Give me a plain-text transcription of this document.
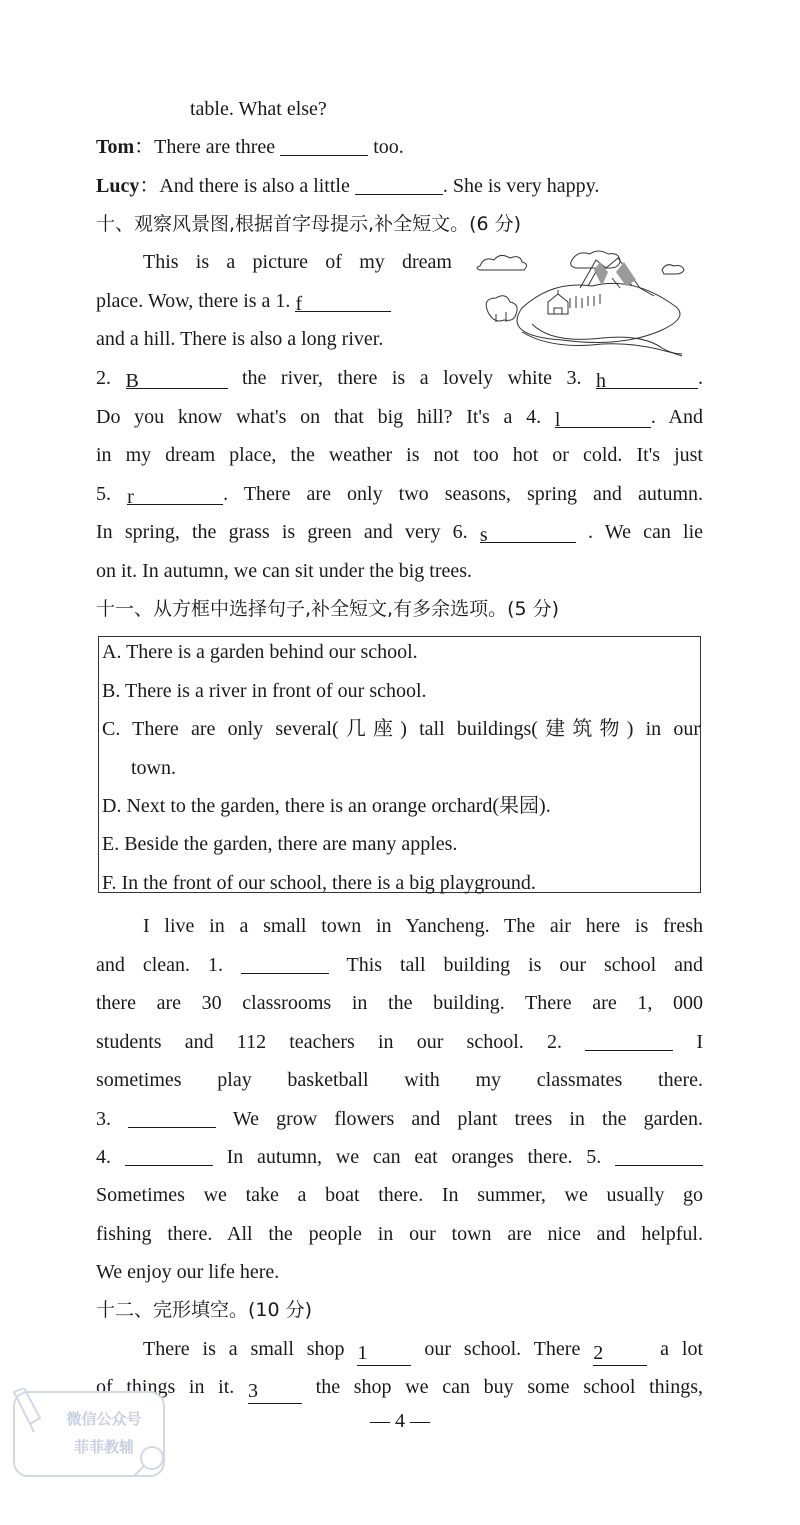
table. What else?
Tom：There are three	too.
Lucy：And there is also a little	. She is very happy.
十、观察风景图,根据首字母提示,补全短文。(6 分)
This is a picture of my dream
place. Wow, there is a 1. f
and a hill. There is also a long river.
2. B	the river, there is a lovely white 3. h	.
Do you know what's on that big hill? It's a 4. l	. And
in my dream place, the weather is not too hot or cold. It's just
5. r	. There are only two seasons, spring and autumn.
In spring, the grass is green and very 6. s	. We can lie
on it. In autumn, we can sit under the big trees.
十一、从方框中选择句子,补全短文,有多余选项。(5 分)
A. There is a garden behind our school.
B. There is a river in front of our school.
C. There are only several(几座) tall buildings(建筑物) in our
town.
D. Next to the garden, there is an orange orchard(果园).
E. Beside the garden, there are many apples.
F. In the front of our school, there is a big playground.
I live in a small town in Yancheng. The air here is fresh
and clean. 1.	This tall building is our school and
there are 30 classrooms in the building. There are 1, 000
students and 112 teachers in our school. 2.	I
sometimes play basketball with my classmates there.
3.	We grow flowers and plant trees in the garden.
4.	In autumn, we can eat oranges there. 5.
Sometimes we take a boat there. In summer, we usually go
fishing there. All the people in our town are nice and helpful.
We enjoy our life here.
十二、完形填空。(10 分)
There is a small shop 1	our school. There 2	a lot
of things in it. 3	the shop we can buy some school things,
微信公众号
菲菲教辅
— 4 —
